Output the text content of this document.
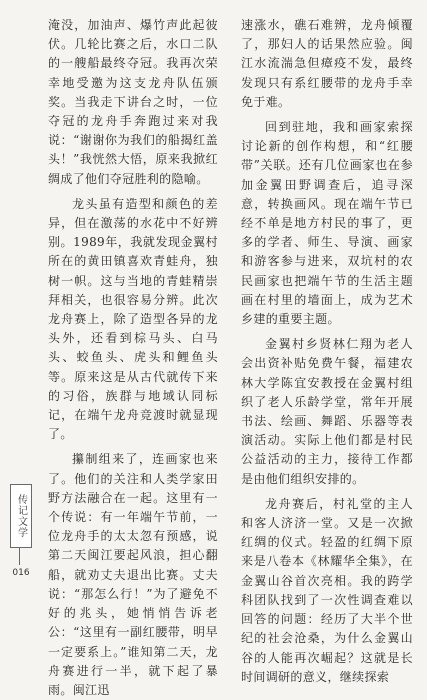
淹没，加油声、爆竹声此起彼伏。几轮比赛之后，水口二队的一艘船最终夺冠。我再次荣幸地受邀为这支龙舟队伍颁奖。当我走下讲台之时，一位夺冠的龙舟手奔跑过来对我说：“谢谢你为我们的船揭红盖头！”我恍然大悟，原来我掀红绸成了他们夺冠胜利的隐喻。

龙头虽有造型和颜色的差异，但在激荡的水花中不好辨别。1989年，我就发现金翼村所在的黄田镇喜欢青蛙舟，独树一帜。这与当地的青蛙精崇拜相关，也很容易分辨。此次龙舟赛上，除了造型各异的龙头外，还看到棕马头、白马头、蛟鱼头、虎头和鲤鱼头等。原来这是从古代就传下来的习俗，族群与地域认同标记，在端午龙舟竞渡时就显现了。

攥制组来了，连画家也来了。他们的关注和人类学家田野方法融合在一起。这里有一个传说：有一年端午节前，一位龙舟手的太太忽有预感，说第二天闽江要起风浪，担心翻船，就劝丈夫退出比赛。丈夫说：“那怎么行！”为了避免不好的兆头，她悄悄告诉老公：“这里有一副红腰带，明早一定要系上。”谁知第二天，龙舟赛进行一半，就下起了暴雨。闽江迅

速涨水，礁石难辨，龙舟倾覆了，那妇人的话果然应验。闽江水流湍急但瘴疫不发，最终发现只有系红腰带的龙舟手幸免于难。

回到驻地，我和画家索探讨论新的创作构想，和“红腰带”关联。还有几位画家也在参加金翼田野调查后，追寻深意，转换画风。现在端午节已经不单是地方村民的事了，更多的学者、师生、导演、画家和游客参与进来，双坑村的农民画家也把端午节的生活主题画在村里的墙面上，成为艺术乡建的重要主题。

金翼村乡贤林仁翔为老人会出资补贴免费午餐，福建农林大学陈宜安教授在金翼村组织了老人乐龄学堂，常年开展书法、绘画、舞蹈、乐器等表演活动。实际上他们都是村民公益活动的主力，接待工作都是由他们组织安排的。

龙舟赛后，村礼堂的主人和客人济济一堂。又是一次掀红绸的仪式。轻盈的红绸下原来是八卷本《林耀华全集》，在金翼山谷首次亮相。我的跨学科团队找到了一次性调查难以回答的问题：经历了大半个世纪的社会沧桑，为什么金翼山谷的人能再次崛起？这就是长时间调研的意义，继续探索

传记文学
016
